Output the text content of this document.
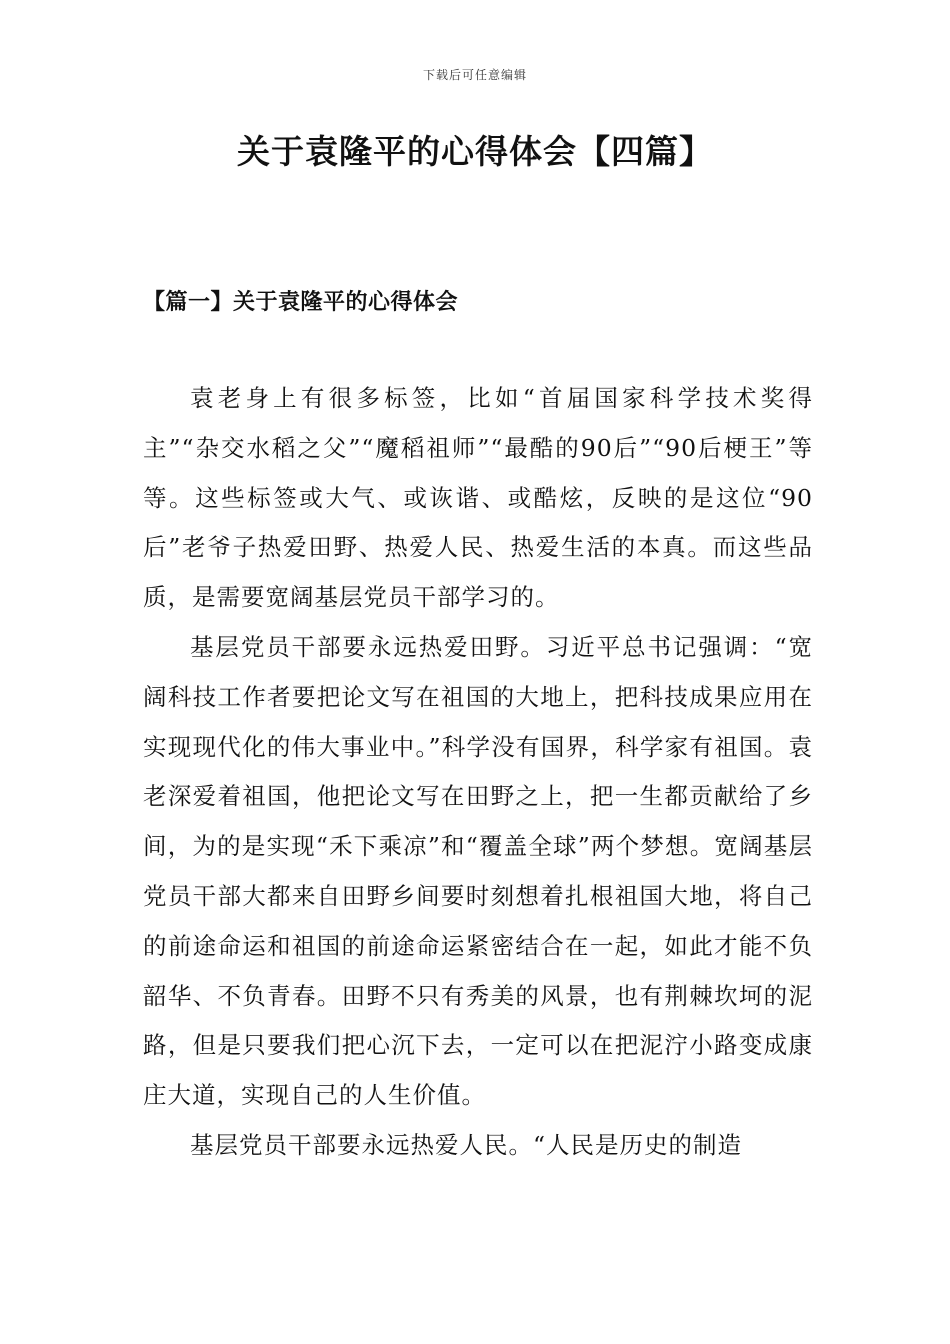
下载后可任意编辑
关于袁隆平的心得体会【四篇】
【篇一】关于袁隆平的心得体会

袁老身上有很多标签，比如“首届国家科学技术奖得主”“杂交水稻之父”“魔稻祖师”“最酷的90后”“90后梗王”等等。这些标签或大气、或诙谐、或酷炫，反映的是这位“90后”老爷子热爱田野、热爱人民、热爱生活的本真。而这些品质，是需要宽阔基层党员干部学习的。

基层党员干部要永远热爱田野。习近平总书记强调：“宽阔科技工作者要把论文写在祖国的大地上，把科技成果应用在实现现代化的伟大事业中。”科学没有国界，科学家有祖国。袁老深爱着祖国，他把论文写在田野之上，把一生都贡献给了乡间，为的是实现“禾下乘凉”和“覆盖全球”两个梦想。宽阔基层党员干部大都来自田野乡间要时刻想着扎根祖国大地，将自己的前途命运和祖国的前途命运紧密结合在一起，如此才能不负韶华、不负青春。田野不只有秀美的风景，也有荆棘坎坷的泥路，但是只要我们把心沉下去，一定可以在把泥泞小路变成康庄大道，实现自己的人生价值。

基层党员干部要永远热爱人民。“人民是历史的制造
